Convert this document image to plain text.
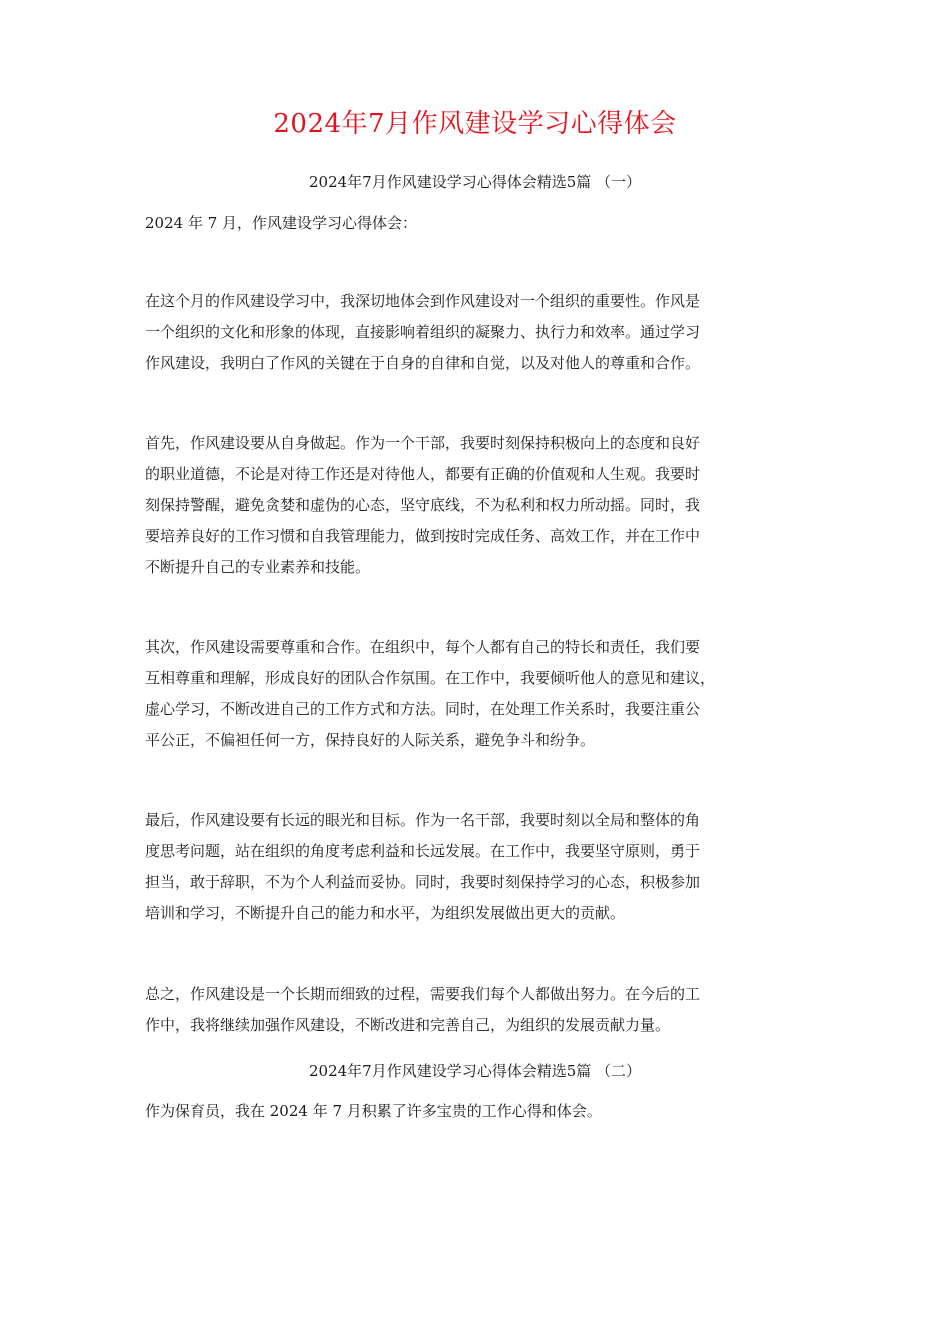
2024年7月作风建设学习心得体会
2024年7月作风建设学习心得体会精选5篇 （一）
2024 年 7 月，作风建设学习心得体会：
在这个月的作风建设学习中，我深切地体会到作风建设对一个组织的重要性。作风是
一个组织的文化和形象的体现，直接影响着组织的凝聚力、执行力和效率。通过学习
作风建设，我明白了作风的关键在于自身的自律和自觉，以及对他人的尊重和合作。
首先，作风建设要从自身做起。作为一个干部，我要时刻保持积极向上的态度和良好
的职业道德，不论是对待工作还是对待他人，都要有正确的价值观和人生观。我要时
刻保持警醒，避免贪婪和虚伪的心态，坚守底线，不为私利和权力所动摇。同时，我
要培养良好的工作习惯和自我管理能力，做到按时完成任务、高效工作，并在工作中
不断提升自己的专业素养和技能。
其次，作风建设需要尊重和合作。在组织中，每个人都有自己的特长和责任，我们要
互相尊重和理解，形成良好的团队合作氛围。在工作中，我要倾听他人的意见和建议，
虚心学习，不断改进自己的工作方式和方法。同时，在处理工作关系时，我要注重公
平公正，不偏袒任何一方，保持良好的人际关系，避免争斗和纷争。
最后，作风建设要有长远的眼光和目标。作为一名干部，我要时刻以全局和整体的角
度思考问题，站在组织的角度考虑利益和长远发展。在工作中，我要坚守原则，勇于
担当，敢于辞职，不为个人利益而妥协。同时，我要时刻保持学习的心态，积极参加
培训和学习，不断提升自己的能力和水平，为组织发展做出更大的贡献。
总之，作风建设是一个长期而细致的过程，需要我们每个人都做出努力。在今后的工
作中，我将继续加强作风建设，不断改进和完善自己，为组织的发展贡献力量。
2024年7月作风建设学习心得体会精选5篇 （二）
作为保育员，我在 2024 年 7 月积累了许多宝贵的工作心得和体会。
